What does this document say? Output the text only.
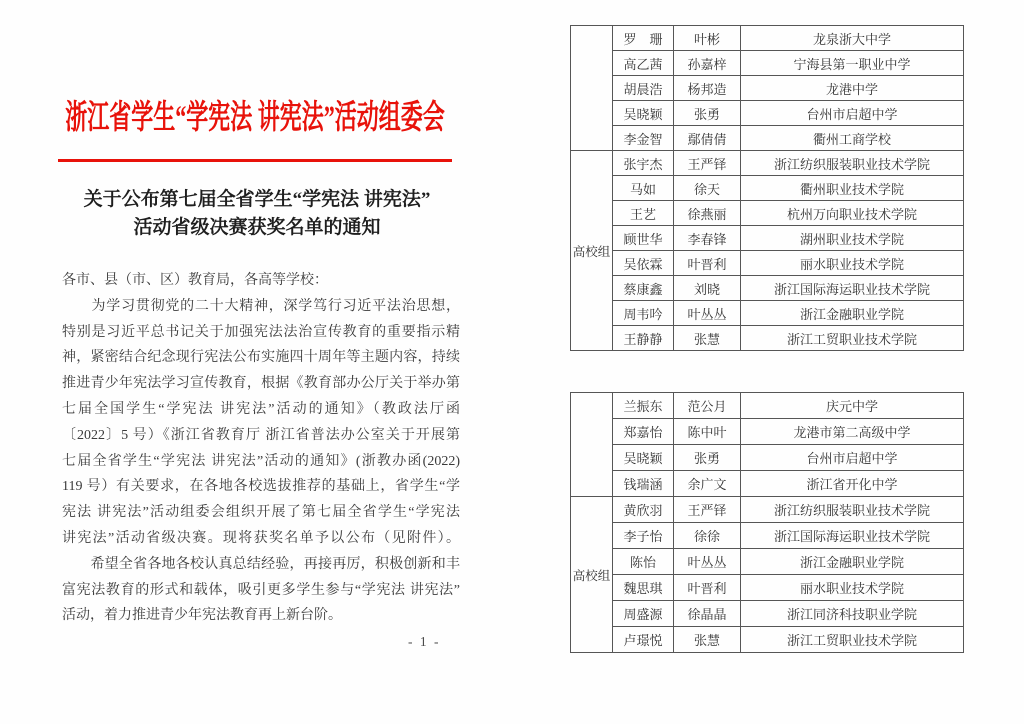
浙江省学生“学宪法 讲宪法”活动组委会
关于公布第七届全省学生“学宪法 讲宪法”
活动省级决赛获奖名单的通知
各市、县（市、区）教育局，各高等学校：
　　为学习贯彻党的二十大精神，深学笃行习近平法治思想，
特别是习近平总书记关于加强宪法法治宣传教育的重要指示精
神，紧密结合纪念现行宪法公布实施四十周年等主题内容，持续
推进青少年宪法学习宣传教育，根据《教育部办公厅关于举办第
七届全国学生“学宪法 讲宪法”活动的通知》（教政法厅函
〔2022〕5 号）《浙江省教育厅 浙江省普法办公室关于开展第
七届全省学生“学宪法 讲宪法”活动的通知》(浙教办函(2022)
119 号）有关要求，在各地各校选拔推荐的基础上，省学生“学
宪法 讲宪法”活动组委会组织开展了第七届全省学生“学宪法
讲宪法”活动省级决赛。现将获奖名单予以公布（见附件）。
　　希望全省各地各校认真总结经验，再接再厉，积极创新和丰
富宪法教育的形式和载体，吸引更多学生参与“学宪法 讲宪法”
活动，着力推进青少年宪法教育再上新台阶。
- 1 -
	罗　珊	叶彬	龙泉浙大中学
	高乙茜	孙嘉梓	宁海县第一职业中学
	胡晨浩	杨邦造	龙港中学
	吴晓颖	张勇	台州市启超中学
	李金智	鄢倩倩	衢州工商学校
高校组	张宇杰	王严铎	浙江纺织服装职业技术学院
	马如	徐天	衢州职业技术学院
	王艺	徐燕丽	杭州万向职业技术学院
	顾世华	李春锋	湖州职业技术学院
	吴依霖	叶晋利	丽水职业技术学院
	蔡康鑫	刘晓	浙江国际海运职业技术学院
	周韦吟	叶丛丛	浙江金融职业学院
	王静静	张慧	浙江工贸职业技术学院
	兰振东	范公月	庆元中学
	郑嘉怡	陈中叶	龙港市第二高级中学
	吴晓颖	张勇	台州市启超中学
	钱瑞涵	余广文	浙江省开化中学
高校组	黄欣羽	王严铎	浙江纺织服装职业技术学院
	李子怡	徐徐	浙江国际海运职业技术学院
	陈怡	叶丛丛	浙江金融职业学院
	魏思琪	叶晋利	丽水职业技术学院
	周盛源	徐晶晶	浙江同济科技职业学院
	卢璟悦	张慧	浙江工贸职业技术学院
